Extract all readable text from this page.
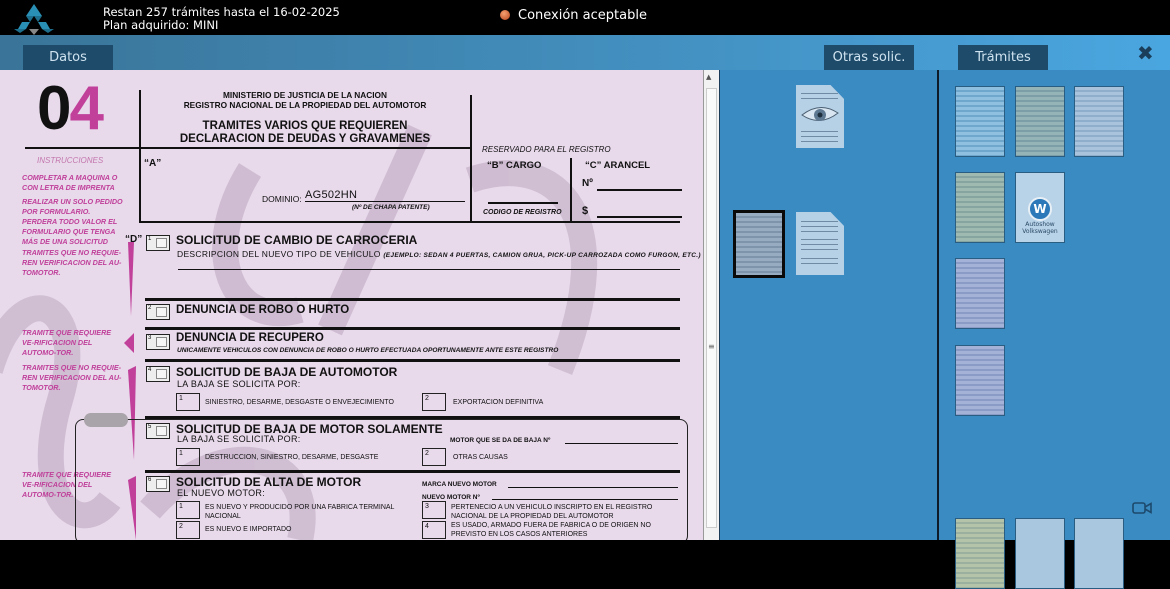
Restan 257 trámites hasta el 16-02-2025
Plan adquirido: MINI
Conexión aceptable
Datos	Otras solic.	Trámites	✖
04	MINISTERIO DE JUSTICIA DE LA NACION
REGISTRO NACIONAL DE LA PROPIEDAD DEL AUTOMOTOR
TRAMITES VARIOS QUE REQUIEREN
DECLARACION DE DEUDAS Y GRAVAMENES
“A”
DOMINIO: AG502HN
(Nº DE CHAPA PATENTE)
RESERVADO PARA EL REGISTRO
“B” CARGO	“C” ARANCEL
Nº
$
CODIGO DE REGISTRO
INSTRUCCIONES
COMPLETAR A MAQUINA O CON LETRA DE IMPRENTA
REALIZAR UN SOLO PEDIDO POR FORMULARIO. PERDERA TODO VALOR EL FORMULARIO QUE TENGA MÁS DE UNA SOLICITUD
TRAMITES QUE NO REQUIE-REN VERIFICACION DEL AU-TOMOTOR.
TRAMITE QUE REQUIERE VE-RIFICACION DEL AUTOMO-TOR.
TRAMITES QUE NO REQUIE-REN VERIFICACION DEL AU-TOMOTOR.
TRAMITE QUE REQUIERE VE-RIFICACION DEL AUTOMO-TOR.
“D” 1	SOLICITUD DE CAMBIO DE CARROCERIA
DESCRIPCION DEL NUEVO TIPO DE VEHICULO (EJEMPLO: SEDAN 4 PUERTAS, CAMION GRUA, PICK-UP CARROZADA COMO FURGON, ETC.)
2	DENUNCIA DE ROBO O HURTO
3	DENUNCIA DE RECUPERO
UNICAMENTE VEHICULOS CON DENUNCIA DE ROBO O HURTO EFECTUADA OPORTUNAMENTE ANTE ESTE REGISTRO
4	SOLICITUD DE BAJA DE AUTOMOTOR
LA BAJA SE SOLICITA POR:
1
SINIESTRO, DESARME, DESGASTE O ENVEJECIMIENTO
2
EXPORTACION DEFINITIVA
5	SOLICITUD DE BAJA DE MOTOR SOLAMENTE
LA BAJA SE SOLICITA POR:	MOTOR QUE SE DA DE BAJA Nº
1
DESTRUCCION, SINIESTRO, DESARME, DESGASTE
2
OTRAS CAUSAS
6	SOLICITUD DE ALTA DE MOTOR
EL NUEVO MOTOR:
MARCA NUEVO MOTOR
NUEVO MOTOR Nº
1	ES NUEVO Y PRODUCIDO POR UNA FABRICA TERMINAL NACIONAL
3	PERTENECIO A UN VEHICULO INSCRIPTO EN EL REGISTRO NACIONAL DE LA PROPIEDAD DEL AUTOMOTOR
2	ES NUEVO E IMPORTADO	4	ES USADO, ARMADO FUERA DE FABRICA O DE ORIGEN NO PREVISTO EN LOS CASOS ANTERIORES
▲
≡
W
Autoshow
Volkswagen
